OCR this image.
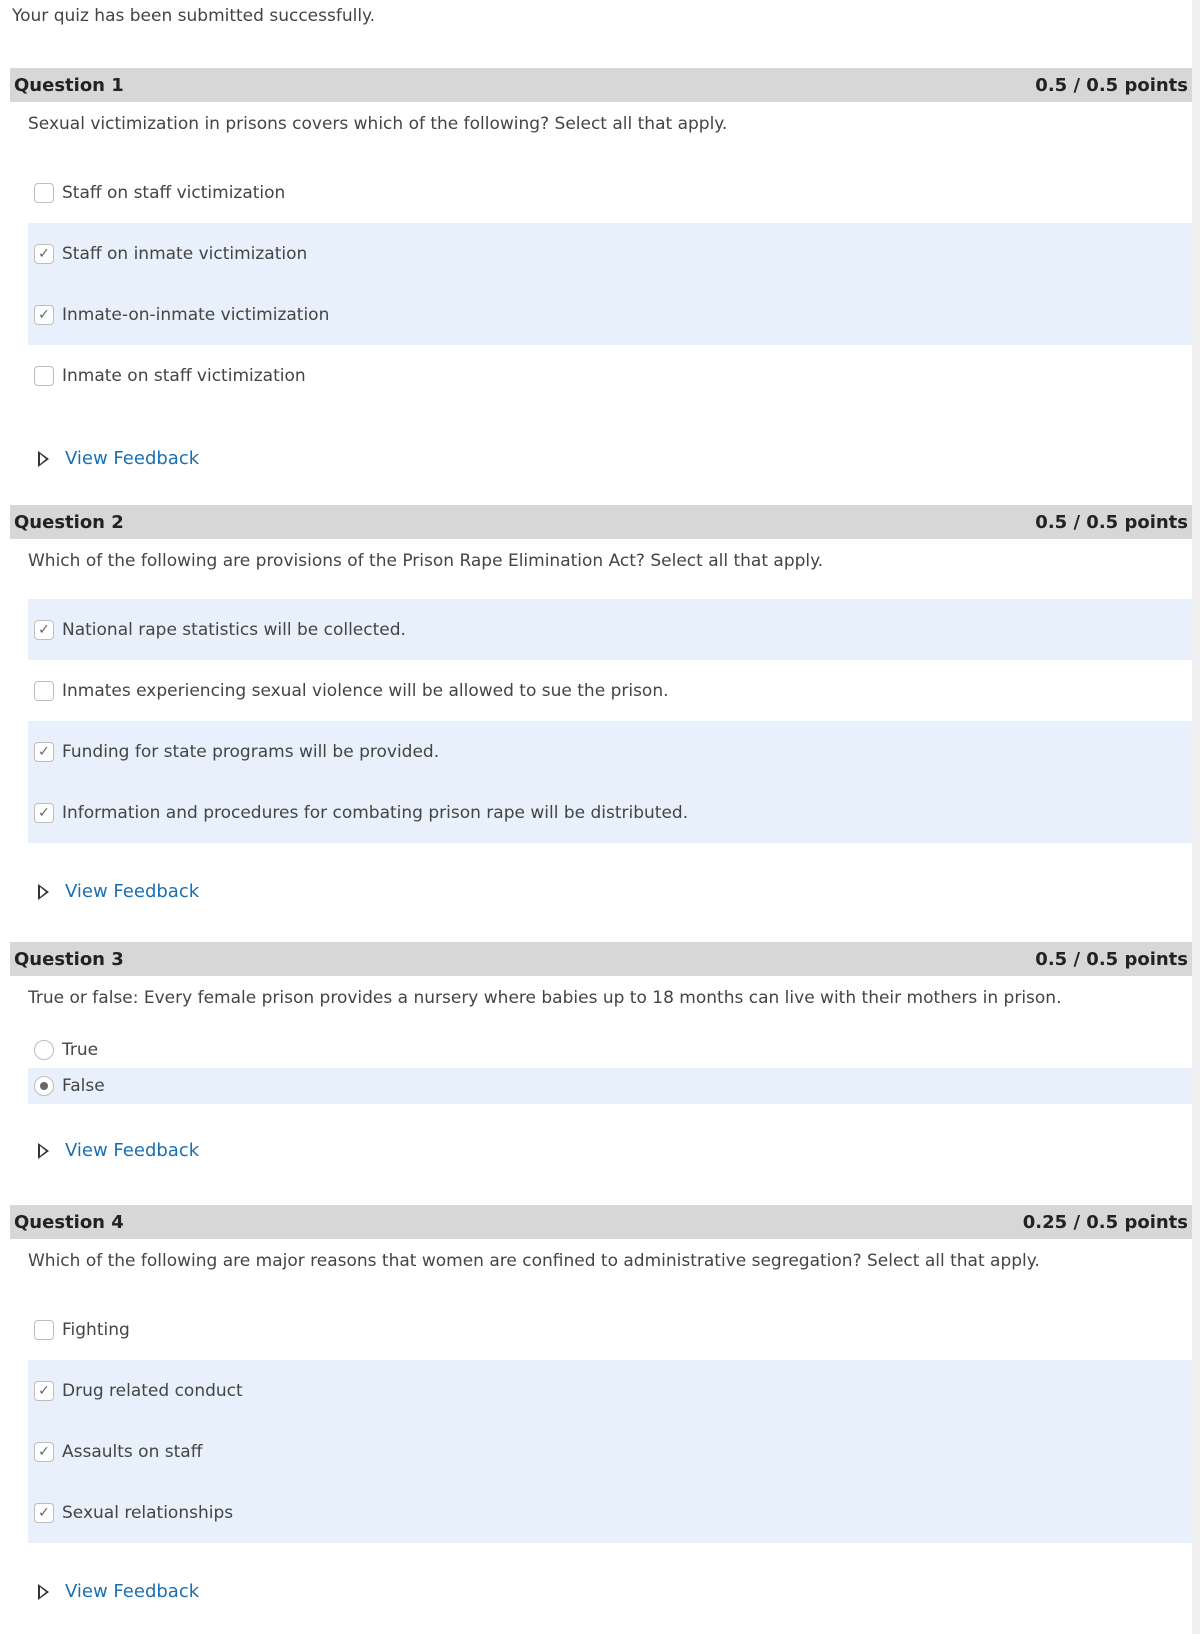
Your quiz has been submitted successfully.
Question 1	0.5 / 0.5 points
Sexual victimization in prisons covers which of the following? Select all that apply.
Staff on staff victimization
✓ Staff on inmate victimization
✓ Inmate-on-inmate victimization
Inmate on staff victimization
View Feedback
Question 2	0.5 / 0.5 points
Which of the following are provisions of the Prison Rape Elimination Act? Select all that apply.
✓ National rape statistics will be collected.
Inmates experiencing sexual violence will be allowed to sue the prison.
✓ Funding for state programs will be provided.
✓ Information and procedures for combating prison rape will be distributed.
View Feedback
Question 3	0.5 / 0.5 points
True or false: Every female prison provides a nursery where babies up to 18 months can live with their mothers in prison.
True
False
View Feedback
Question 4	0.25 / 0.5 points
Which of the following are major reasons that women are confined to administrative segregation? Select all that apply.
Fighting
✓ Drug related conduct
✓ Assaults on staff
✓ Sexual relationships
View Feedback
